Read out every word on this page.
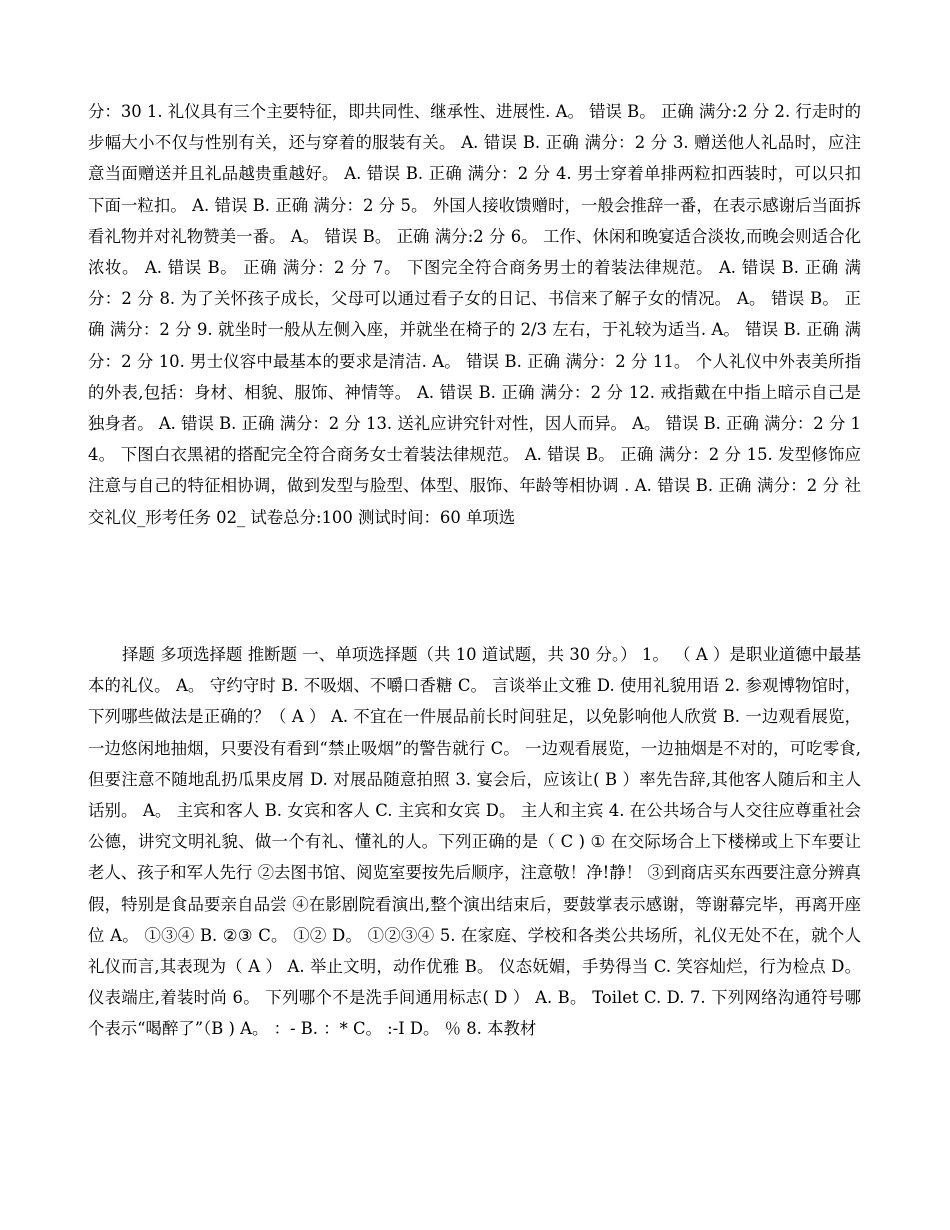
分：30 1. 礼仪具有三个主要特征，即共同性、继承性、进展性. A。 错误 B。 正确 满分:2 分 2. 行走时的步幅大小不仅与性别有关，还与穿着的服装有关。 A. 错误 B. 正确 满分：2 分 3. 赠送他人礼品时，应注意当面赠送并且礼品越贵重越好。 A. 错误 B. 正确 满分：2 分 4. 男士穿着单排两粒扣西装时，可以只扣下面一粒扣。 A. 错误 B. 正确 满分：2 分 5。 外国人接收馈赠时，一般会推辞一番，在表示感谢后当面拆看礼物并对礼物赞美一番。 A。 错误 B。 正确 满分:2 分 6。 工作、休闲和晚宴适合淡妆,而晚会则适合化浓妆。 A. 错误 B。 正确 满分：2 分 7。 下图完全符合商务男士的着装法律规范。 A. 错误 B. 正确 满分：2 分 8. 为了关怀孩子成长，父母可以通过看子女的日记、书信来了解子女的情况。 A。 错误 B。 正确 满分：2 分 9. 就坐时一般从左侧入座，并就坐在椅子的 2/3 左右，于礼较为适当. A。 错误 B. 正确 满分：2 分 10. 男士仪容中最基本的要求是清洁. A。 错误 B. 正确 满分：2 分 11。 个人礼仪中外表美所指的外表,包括：身材、相貌、服饰、神情等。 A. 错误 B. 正确 满分：2 分 12. 戒指戴在中指上暗示自己是独身者。 A. 错误 B. 正确 满分：2 分 13. 送礼应讲究针对性，因人而异。 A。 错误 B. 正确 满分：2 分 14。 下图白衣黑裙的搭配完全符合商务女士着装法律规范。 A. 错误 B。 正确 满分：2 分 15. 发型修饰应注意与自己的特征相协调，做到发型与脸型、体型、服饰、年龄等相协调 . A. 错误 B. 正确 满分：2 分 社交礼仪_形考任务 02_ 试卷总分:100 测试时间：60 单项选

择题 多项选择题 推断题 一、单项选择题（共 10 道试题，共 30 分。） 1。 （ A ）是职业道德中最基本的礼仪。 A。 守约守时 B. 不吸烟、不嚼口香糖 C。 言谈举止文雅 D. 使用礼貌用语 2. 参观博物馆时，下列哪些做法是正确的？（ A ） A. 不宜在一件展品前长时间驻足，以免影响他人欣赏 B. 一边观看展览，一边悠闲地抽烟，只要没有看到“禁止吸烟”的警告就行 C。 一边观看展览，一边抽烟是不对的，可吃零食,但要注意不随地乱扔瓜果皮屑 D. 对展品随意拍照 3. 宴会后，应该让( B ）率先告辞,其他客人随后和主人话别。 A。 主宾和客人 B. 女宾和客人 C. 主宾和女宾 D。 主人和主宾 4. 在公共场合与人交往应尊重社会公德，讲究文明礼貌、做一个有礼、懂礼的人。下列正确的是（ C ) ① 在交际场合上下楼梯或上下车要让老人、孩子和军人先行 ②去图书馆、阅览室要按先后顺序，注意敬！净!静！ ③到商店买东西要注意分辨真假，特别是食品要亲自品尝 ④在影剧院看演出,整个演出结束后，要鼓掌表示感谢，等谢幕完毕，再离开座位 A。 ①③④ B. ②③ C。 ①② D。 ①②③④ 5. 在家庭、学校和各类公共场所，礼仪无处不在，就个人礼仪而言,其表现为（ A ） A. 举止文明，动作优雅 B。 仪态妩媚，手势得当 C. 笑容灿烂，行为检点 D。 仪表端庄,着装时尚 6。 下列哪个不是洗手间通用标志( D ） A. B。 Toilet C. D. 7. 下列网络沟通符号哪个表示“喝醉了”（B ) A。 ：- B. ：* C。 :-I D。 ％ 8. 本教材
